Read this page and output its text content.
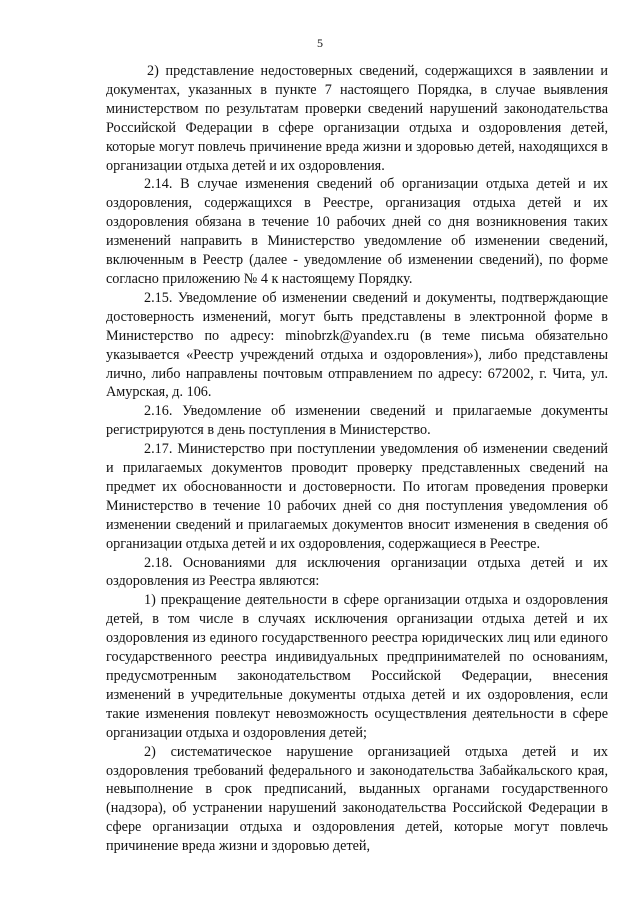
5

2) представление недостоверных сведений, содержащихся в заявлении и документах, указанных в пункте 7 настоящего Порядка, в случае выявления министерством по результатам проверки сведений нарушений законодательства Российской Федерации в сфере организации отдыха и оздоровления детей, которые могут повлечь причинение вреда жизни и здоровью детей, находящихся в организации отдыха детей и их оздоровления.

2.14. В случае изменения сведений об организации отдыха детей и их оздоровления, содержащихся в Реестре, организация отдыха детей и их оздоровления обязана в течение 10 рабочих дней со дня возникновения таких изменений направить в Министерство уведомление об изменении сведений, включенным в Реестр (далее - уведомление об изменении сведений), по форме согласно приложению № 4 к настоящему Порядку.

2.15. Уведомление об изменении сведений и документы, подтверждающие достоверность изменений, могут быть представлены в электронной форме в Министерство по адресу: minobrzk@yandex.ru (в теме письма обязательно указывается «Реестр учреждений отдыха и оздоровления»), либо представлены лично, либо направлены почтовым отправлением по адресу: 672002, г. Чита, ул. Амурская, д. 106.

2.16. Уведомление об изменении сведений и прилагаемые документы регистрируются в день поступления в Министерство.

2.17. Министерство при поступлении уведомления об изменении сведений и прилагаемых документов проводит проверку представленных сведений на предмет их обоснованности и достоверности. По итогам проведения проверки Министерство в течение 10 рабочих дней со дня поступления уведомления об изменении сведений и прилагаемых документов вносит изменения в сведения об организации отдыха детей и их оздоровления, содержащиеся в Реестре.

2.18. Основаниями для исключения организации отдыха детей и их оздоровления из Реестра являются:

1) прекращение деятельности в сфере организации отдыха и оздоровления детей, в том числе в случаях исключения организации отдыха детей и их оздоровления из единого государственного реестра юридических лиц или единого государственного реестра индивидуальных предпринимателей по основаниям, предусмотренным законодательством Российской Федерации, внесения изменений в учредительные документы отдыха детей и их оздоровления, если такие изменения повлекут невозможность осуществления деятельности в сфере организации отдыха и оздоровления детей;

2) систематическое нарушение организацией отдыха детей и их оздоровления требований федерального и законодательства Забайкальского края, невыполнение в срок предписаний, выданных органами государственного (надзора), об устранении нарушений законодательства Российской Федерации в сфере организации отдыха и оздоровления детей, которые могут повлечь причинение вреда жизни и здоровью детей,
